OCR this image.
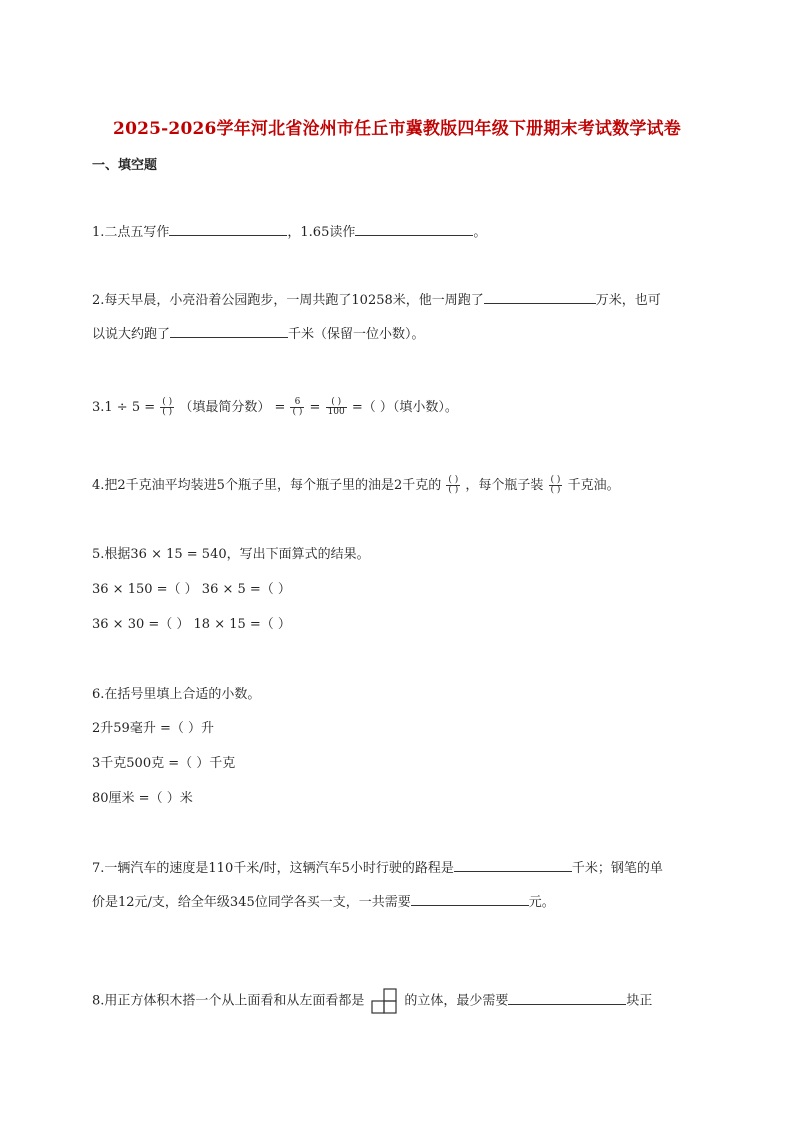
2025-2026学年河北省沧州市任丘市冀教版四年级下册期末考试数学试卷
一、填空题
1.二点五写作	，1.65读作	。
2.每天早晨，小亮沿着公园跑步，一周共跑了10258米，他一周跑了	万米，也可
以说大约跑了	千米（保留一位小数）。
$3.1 \div 5 = \frac{( )}{( )}$ （填最简分数） = $\frac{6}{( )} = \frac{( )}{100}$ =（ ）（填小数）。
4.把2千克油平均装进5个瓶子里，每个瓶子里的油是2千克的 $\frac{( )}{( )}$ ，每个瓶子装 $\frac{( )}{( )}$ 千克油。
5.根据36 × 15 = 540，写出下面算式的结果。
36 × 150 =（ ） 36 × 5 =（ ）
36 × 30 =（ ） 18 × 15 =（ ）
6.在括号里填上合适的小数。
2升59毫升 =（ ）升
3千克500克 =（ ）千克
80厘米 =（ ）米
7.一辆汽车的速度是110千米/时，这辆汽车5小时行驶的路程是	千米；钢笔的单
价是12元/支，给全年级345位同学各买一支，一共需要	元。
8.用正方体积木搭一个从上面看和从左面看都是	的立体，最少需要	块正
